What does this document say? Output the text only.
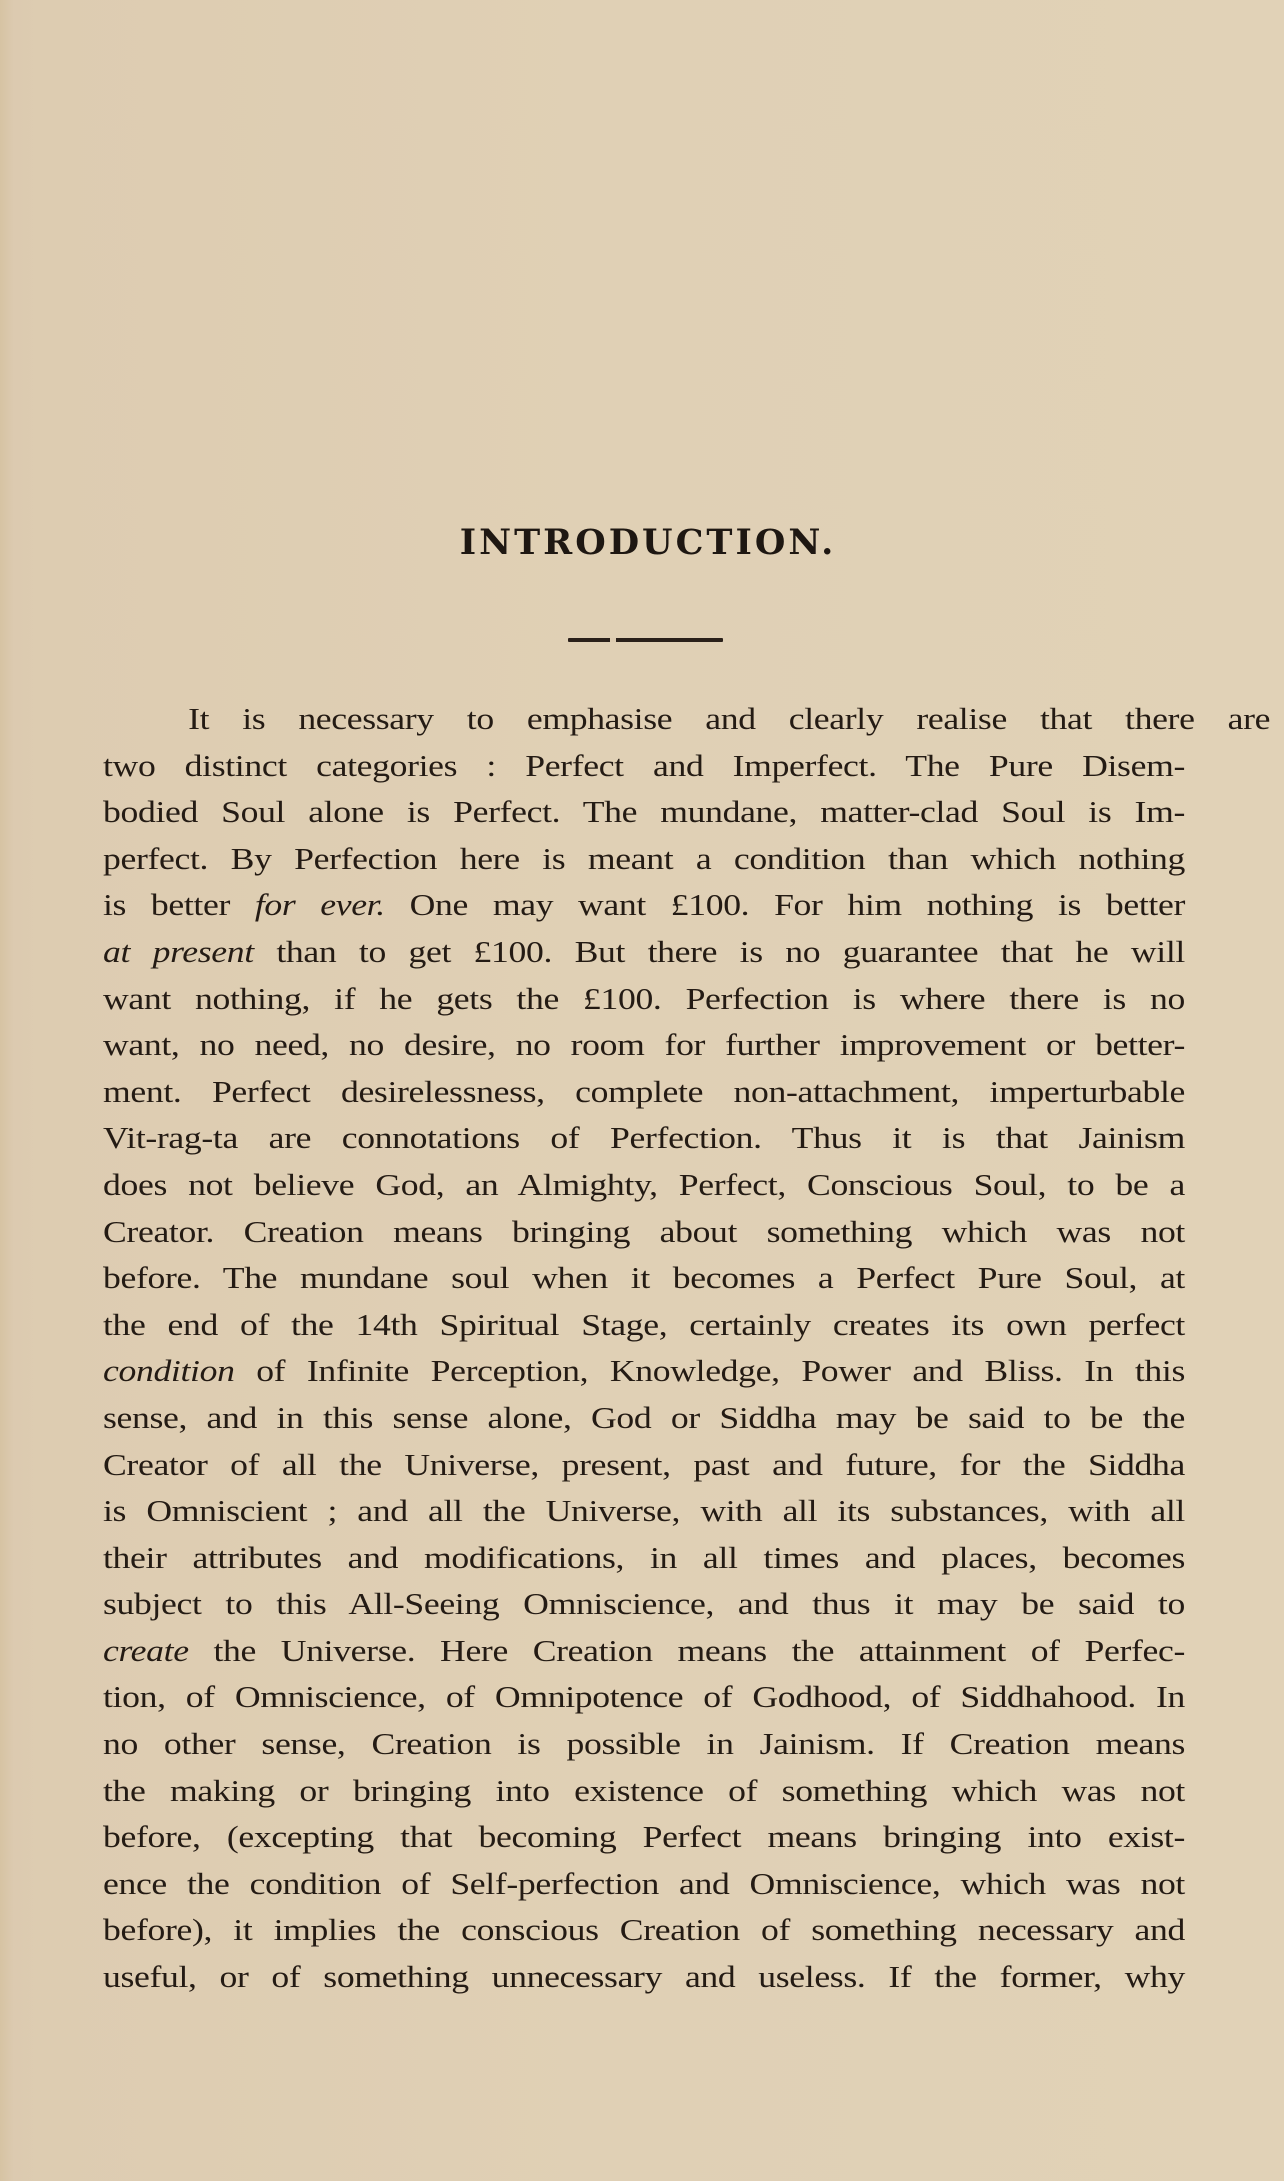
INTRODUCTION.
It is necessary to emphasise and clearly realise that there are
two distinct categories : Perfect and Imperfect. The Pure Disem-
bodied Soul alone is Perfect. The mundane, matter-clad Soul is Im-
perfect. By Perfection here is meant a condition than which nothing
is better for ever. One may want £100. For him nothing is better
at present than to get £100. But there is no guarantee that he will
want nothing, if he gets the £100. Perfection is where there is no
want, no need, no desire, no room for further improvement or better-
ment. Perfect desirelessness, complete non-attachment, imperturbable
Vit-rag-ta are connotations of Perfection. Thus it is that Jainism
does not believe God, an Almighty, Perfect, Conscious Soul, to be a
Creator. Creation means bringing about something which was not
before. The mundane soul when it becomes a Perfect Pure Soul, at
the end of the 14th Spiritual Stage, certainly creates its own perfect
condition of Infinite Perception, Knowledge, Power and Bliss. In this
sense, and in this sense alone, God or Siddha may be said to be the
Creator of all the Universe, present, past and future, for the Siddha
is Omniscient ; and all the Universe, with all its substances, with all
their attributes and modifications, in all times and places, becomes
subject to this All-Seeing Omniscience, and thus it may be said to
create the Universe. Here Creation means the attainment of Perfec-
tion, of Omniscience, of Omnipotence of Godhood, of Siddhahood. In
no other sense, Creation is possible in Jainism. If Creation means
the making or bringing into existence of something which was not
before, (excepting that becoming Perfect means bringing into exist-
ence the condition of Self-perfection and Omniscience, which was not
before), it implies the conscious Creation of something necessary and
useful, or of something unnecessary and useless. If the former, why
